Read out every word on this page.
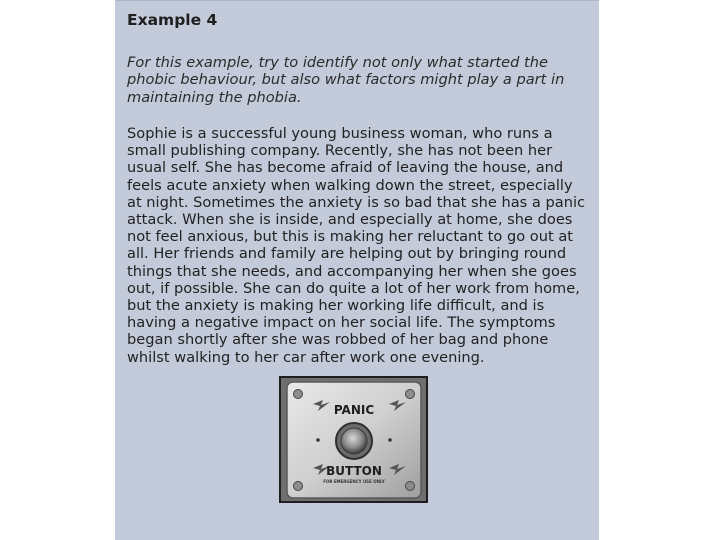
Example 4
For this example, try to identify not only what started the phobic behaviour, but also what factors might play a part in maintaining the phobia.
Sophie is a successful young business woman, who runs a small publishing company. Recently, she has not been her usual self. She has become afraid of leaving the house, and feels acute anxiety when walking down the street, especially at night. Sometimes the anxiety is so bad that she has a panic attack. When she is inside, and especially at home, she does not feel anxious, but this is making her reluctant to go out at all. Her friends and family are helping out by bringing round things that she needs, and accompanying her when she goes out, if possible. She can do quite a lot of her work from home, but the anxiety is making her working life difficult, and is having a negative impact on her social life. The symptoms began shortly after she was robbed of her bag and phone whilst walking to her car after work one evening.
PANIC
BUTTON
FOR EMERGENCY USE ONLY
